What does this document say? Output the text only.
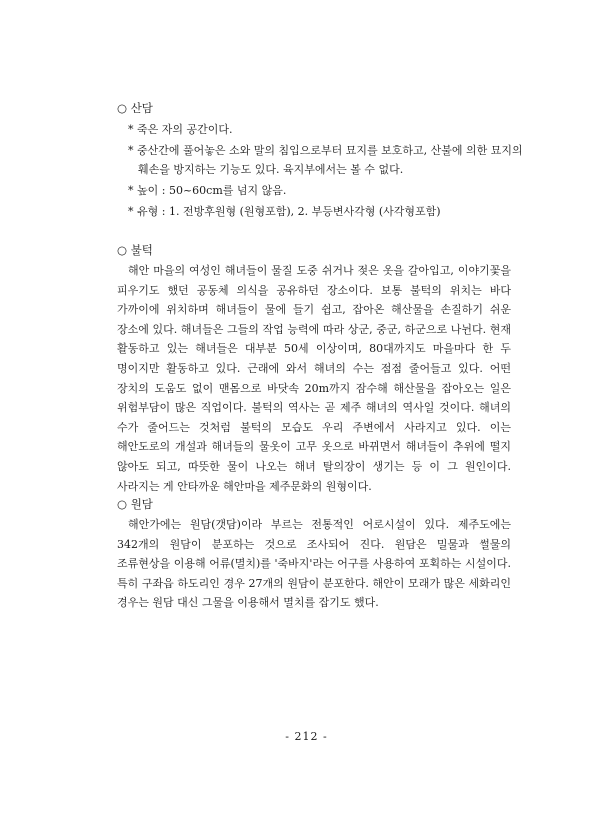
○ 산담

* 죽은 자의 공간이다.

* 중산간에 풀어놓은 소와 말의 침입으로부터 묘지를 보호하고, 산불에 의한 묘지의 훼손을 방지하는 기능도 있다. 육지부에서는 볼 수 없다.

* 높이 : 50~60cm를 넘지 않음.

* 유형 : 1. 전방후원형 (원형포함), 2. 부등변사각형 (사각형포함)

○ 불턱

해안 마을의 여성인 해녀들이 물질 도중 쉬거나 젖은 옷을 갈아입고, 이야기꽃을 피우기도 했던 공동체 의식을 공유하던 장소이다. 보통 불턱의 위치는 바다 가까이에 위치하며 해녀들이 물에 들기 쉽고, 잡아온 해산물을 손질하기 쉬운 장소에 있다. 해녀들은 그들의 작업 능력에 따라 상군, 중군, 하군으로 나뉜다. 현재 활동하고 있는 해녀들은 대부분 50세 이상이며, 80대까지도 마을마다 한 두 명이지만 활동하고 있다. 근래에 와서 해녀의 수는 점점 줄어들고 있다. 어떤 장치의 도움도 없이 맨몸으로 바닷속 20m까지 잠수해 해산물을 잡아오는 일은 위험부담이 많은 직업이다. 불턱의 역사는 곧 제주 해녀의 역사일 것이다. 해녀의 수가 줄어드는 것처럼 불턱의 모습도 우리 주변에서 사라지고 있다. 이는 해안도로의 개설과 해녀들의 물옷이 고무 옷으로 바뀌면서 해녀들이 추위에 떨지 않아도 되고, 따뜻한 물이 나오는 해녀 탈의장이 생기는 등 이 그 원인이다. 사라지는 게 안타까운 해안마을 제주문화의 원형이다.

○ 원담

해안가에는 원담(갯담)이라 부르는 전통적인 어로시설이 있다. 제주도에는 342개의 원담이 분포하는 것으로 조사되어 진다. 원담은 밀물과 썰물의 조류현상을 이용해 어류(멸치)를 '죽바지'라는 어구를 사용하여 포획하는 시설이다. 특히 구좌읍 하도리인 경우 27개의 원담이 분포한다. 해안이 모래가 많은 세화리인 경우는 원담 대신 그물을 이용해서 멸치를 잡기도 했다.

- 212 -
